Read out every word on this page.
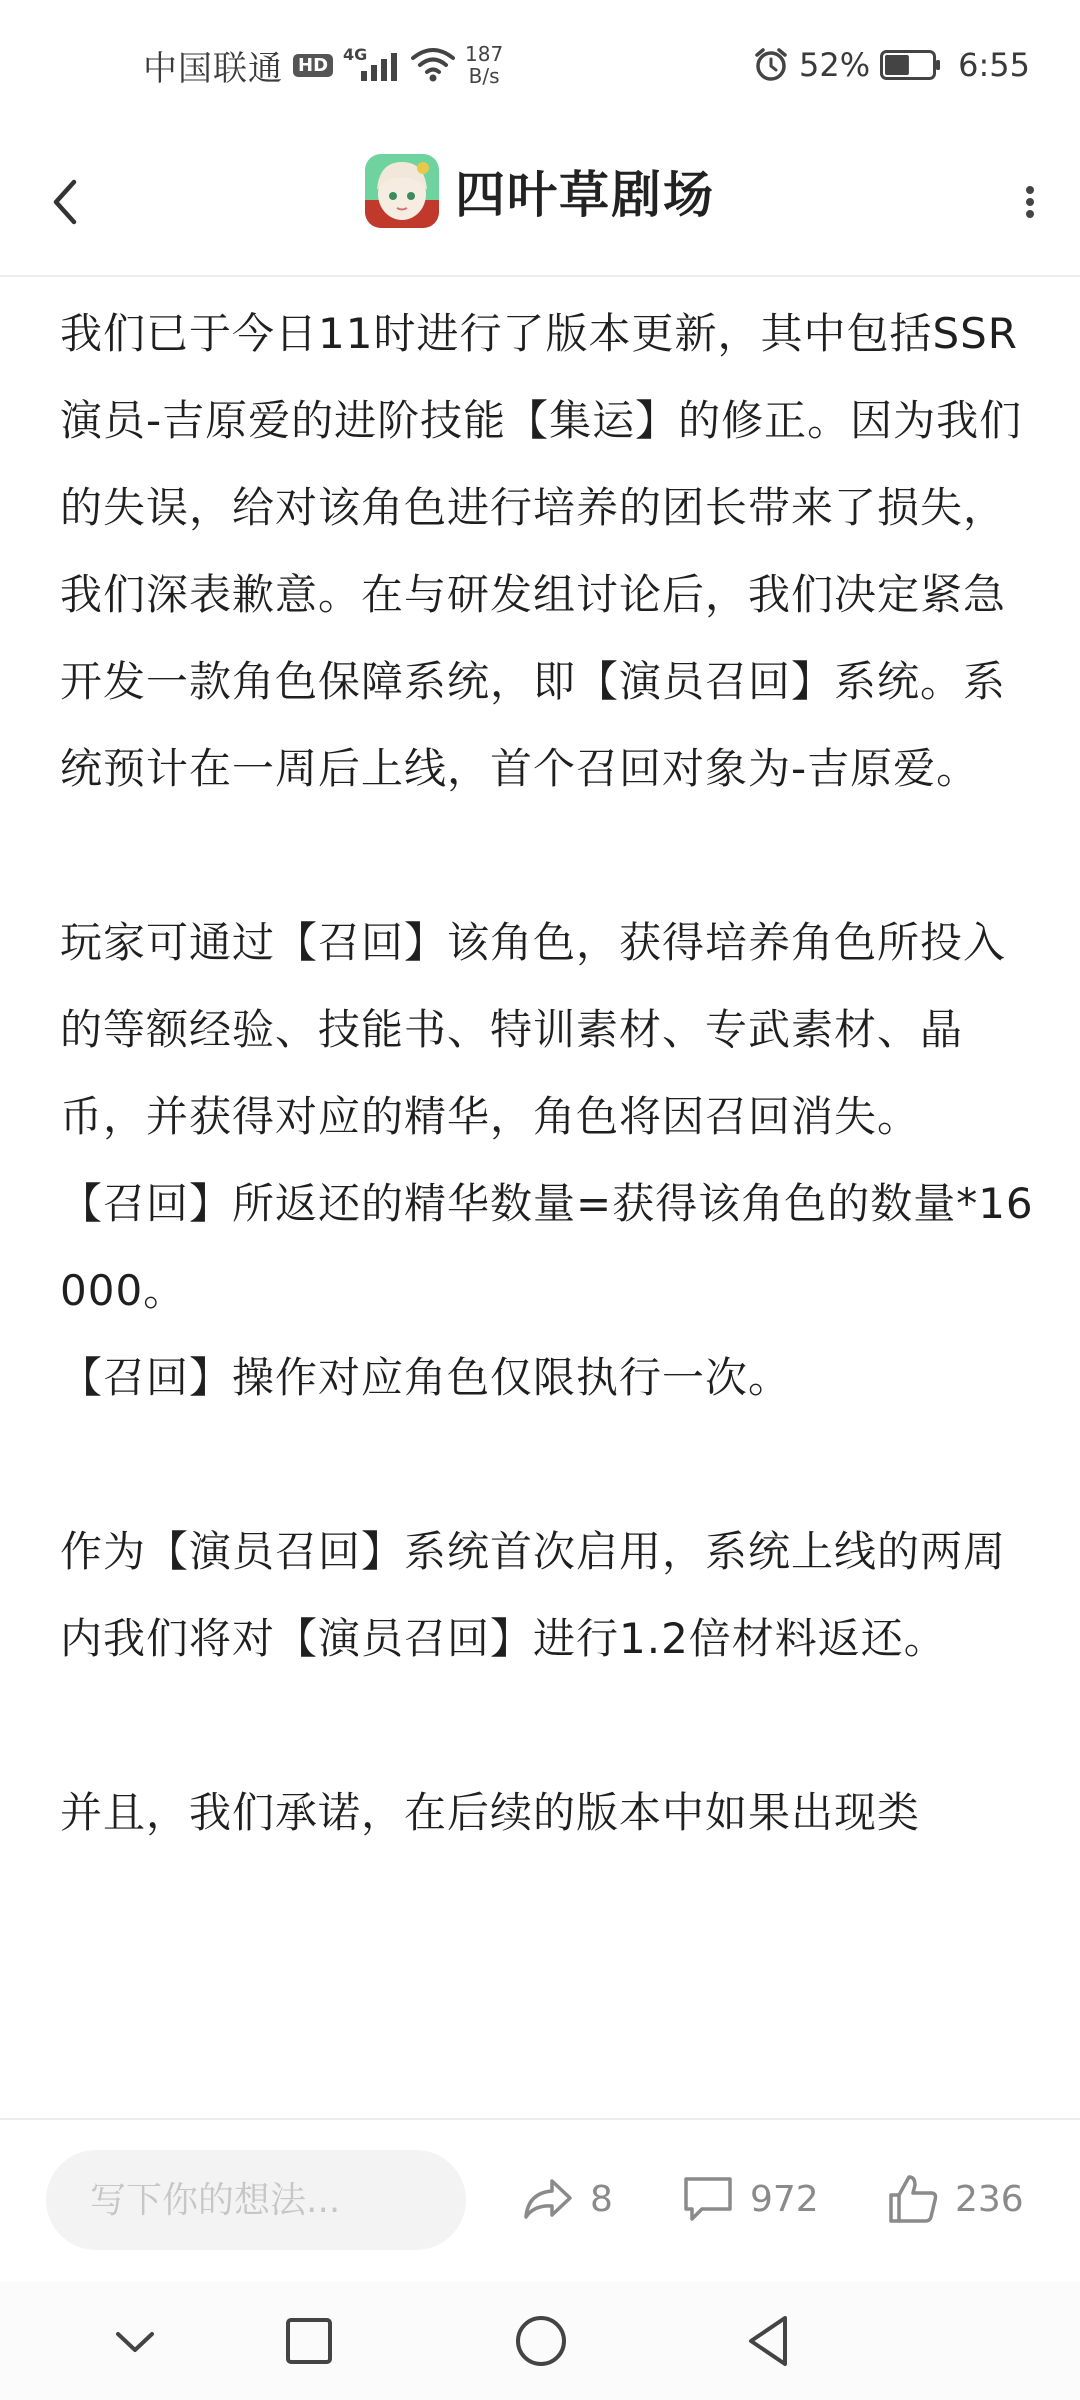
中国联通 HD 4G	187
B/s	52%	6:55
四叶草剧场

我们已于今日11时进行了版本更新，其中包括SSR演员-吉原爱的进阶技能【集运】的修正。因为我们的失误，给对该角色进行培养的团长带来了损失，我们深表歉意。在与研发组讨论后，我们决定紧急开发一款角色保障系统，即【演员召回】系统。系统预计在一周后上线，首个召回对象为-吉原爱。

玩家可通过【召回】该角色，获得培养角色所投入的等额经验、技能书、特训素材、专武素材、晶币，并获得对应的精华，角色将因召回消失。

【召回】所返还的精华数量=获得该角色的数量*16000。

【召回】操作对应角色仅限执行一次。

作为【演员召回】系统首次启用，系统上线的两周内我们将对【演员召回】进行1.2倍材料返还。

并且，我们承诺，在后续的版本中如果出现类

写下你的想法...
8	972	236
